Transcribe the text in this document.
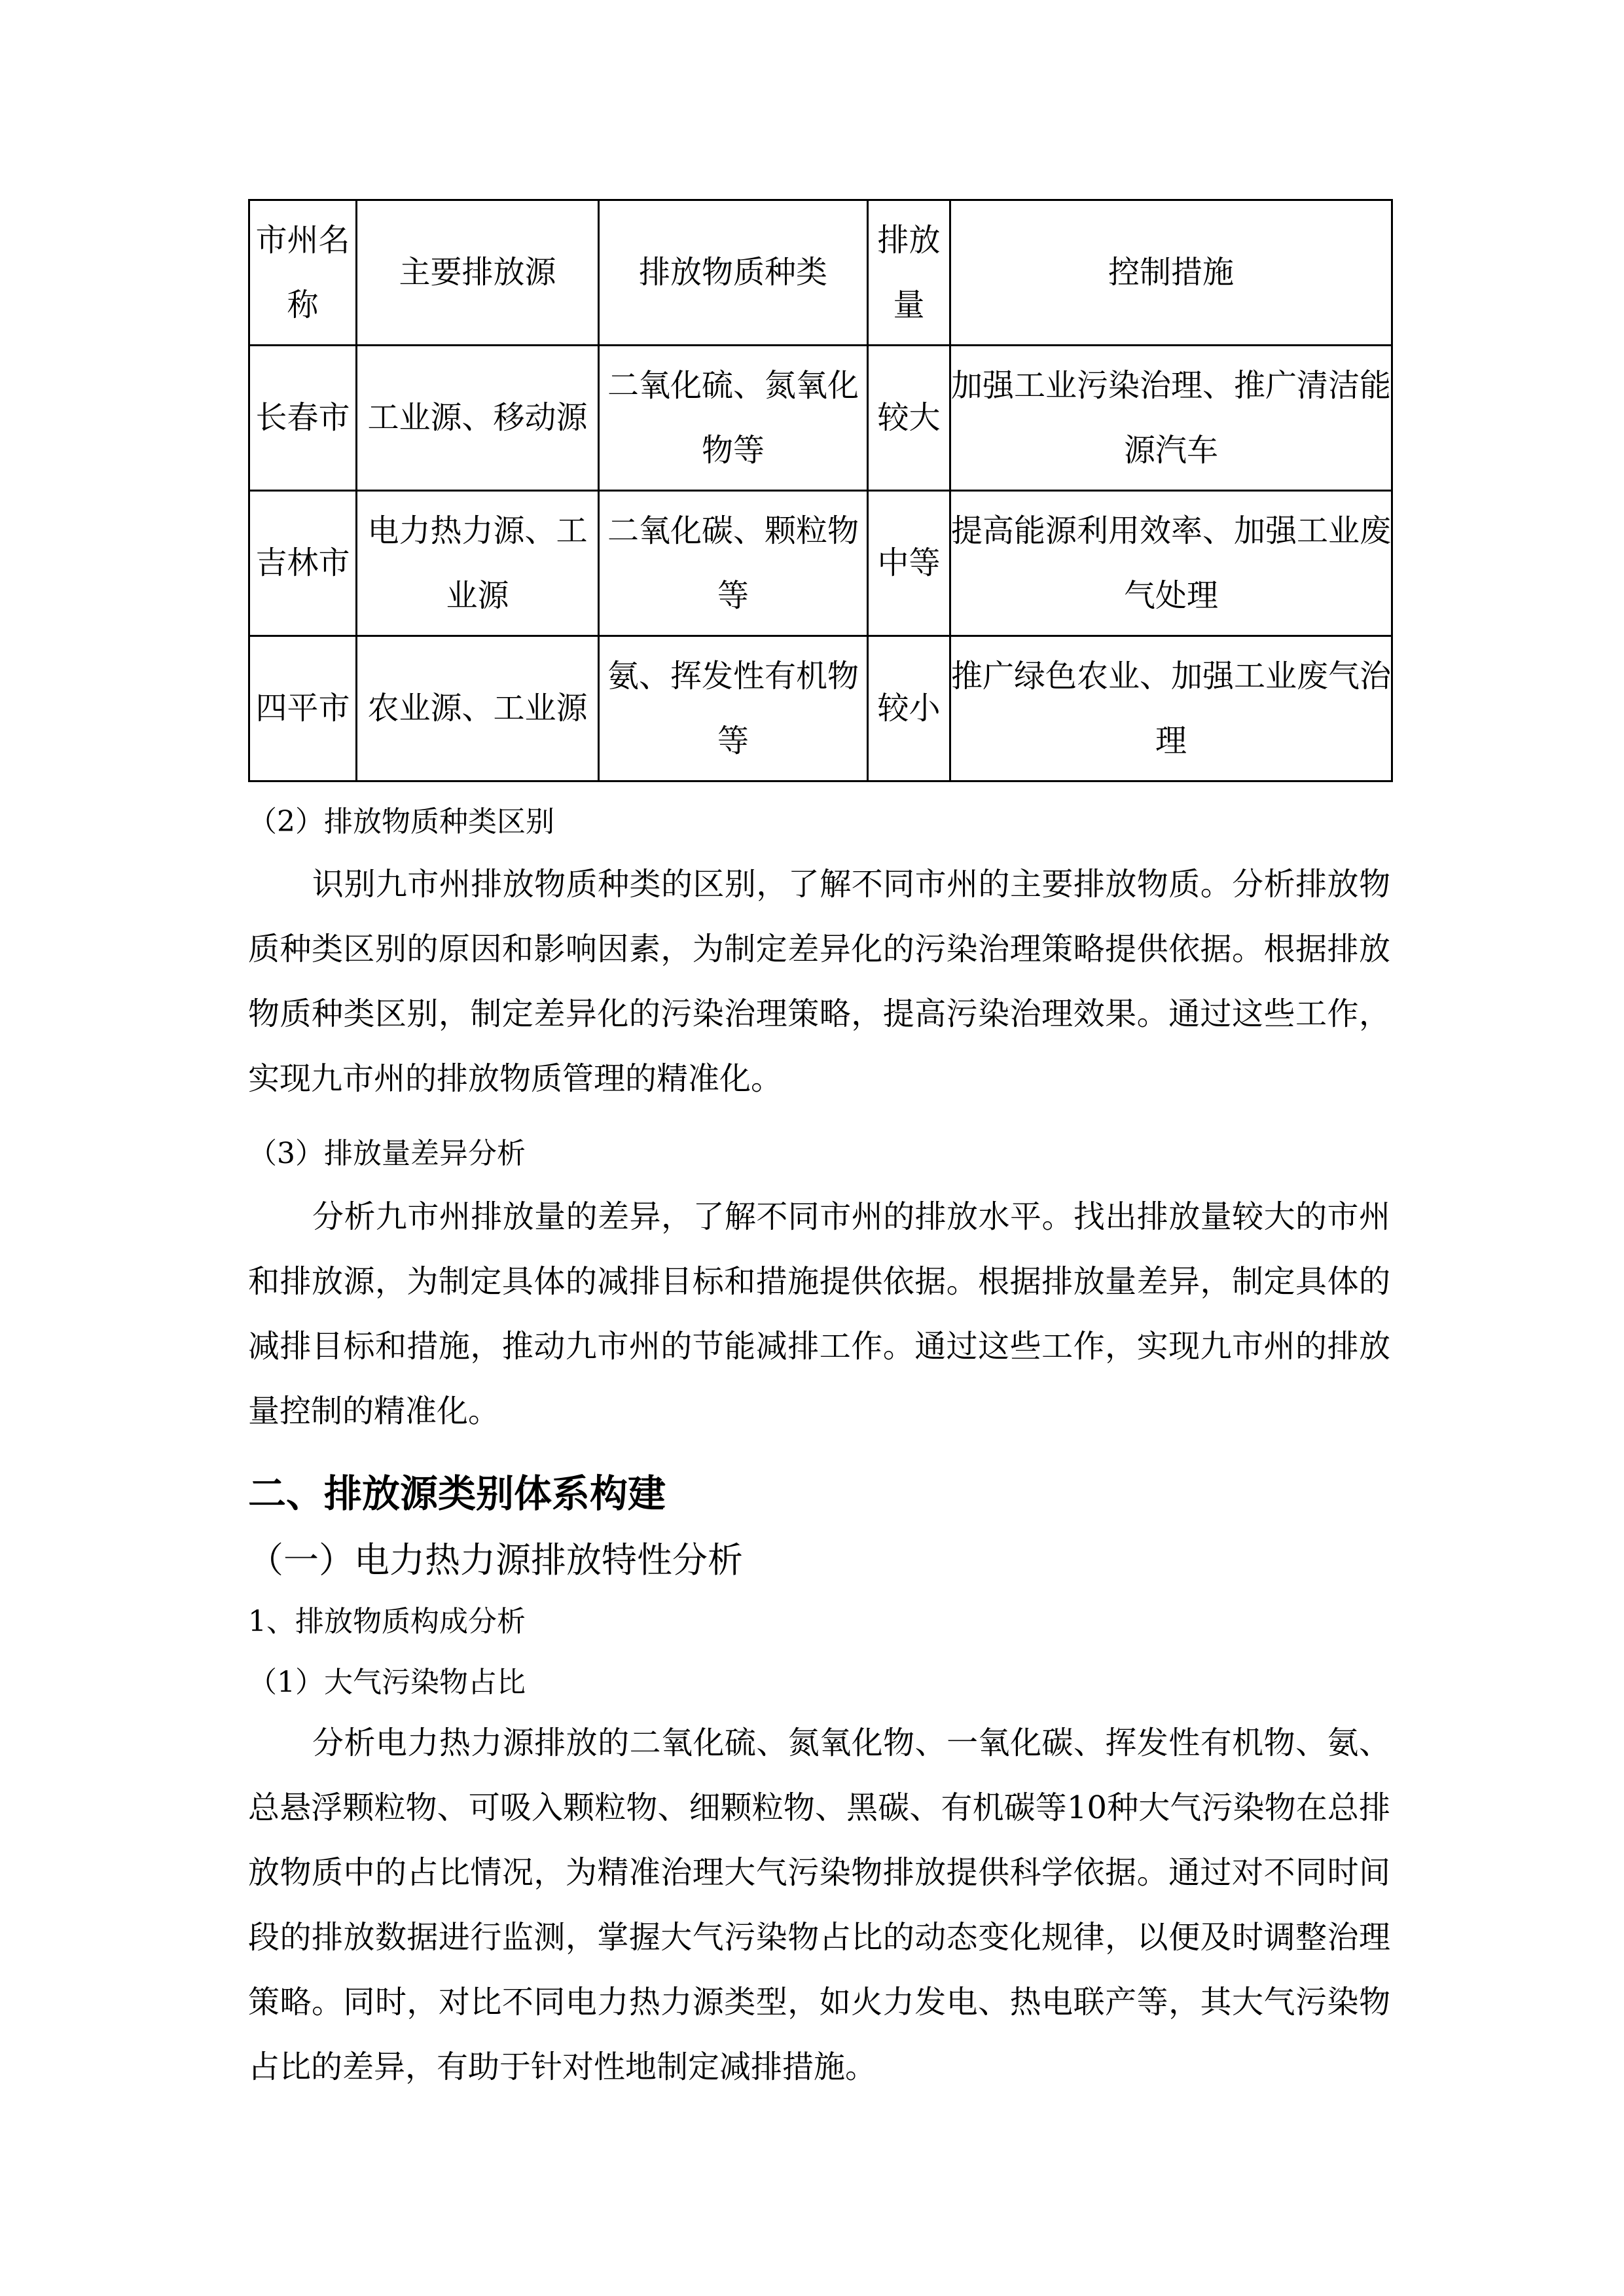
市州名称	主要排放源	排放物质种类	排放量	控制措施
长春市	工业源、移动源	二氧化硫、氮氧化物等	较大	加强工业污染治理、推广清洁能源汽车
吉林市	电力热力源、工业源	二氧化碳、颗粒物等	中等	提高能源利用效率、加强工业废气处理
四平市	农业源、工业源	氨、挥发性有机物等	较小	推广绿色农业、加强工业废气治理
（2）排放物质种类区别
识别九市州排放物质种类的区别，了解不同市州的主要排放物质。分析排放物质种类区别的原因和影响因素，为制定差异化的污染治理策略提供依据。根据排放物质种类区别，制定差异化的污染治理策略，提高污染治理效果。通过这些工作，实现九市州的排放物质管理的精准化。
（3）排放量差异分析
分析九市州排放量的差异，了解不同市州的排放水平。找出排放量较大的市州和排放源，为制定具体的减排目标和措施提供依据。根据排放量差异，制定具体的减排目标和措施，推动九市州的节能减排工作。通过这些工作，实现九市州的排放量控制的精准化。
二、排放源类别体系构建
（一）电力热力源排放特性分析
1、排放物质构成分析
（1）大气污染物占比
分析电力热力源排放的二氧化硫、氮氧化物、一氧化碳、挥发性有机物、氨、总悬浮颗粒物、可吸入颗粒物、细颗粒物、黑碳、有机碳等10种大气污染物在总排放物质中的占比情况，为精准治理大气污染物排放提供科学依据。通过对不同时间段的排放数据进行监测，掌握大气污染物占比的动态变化规律，以便及时调整治理策略。同时，对比不同电力热力源类型，如火力发电、热电联产等，其大气污染物占比的差异，有助于针对性地制定减排措施。
